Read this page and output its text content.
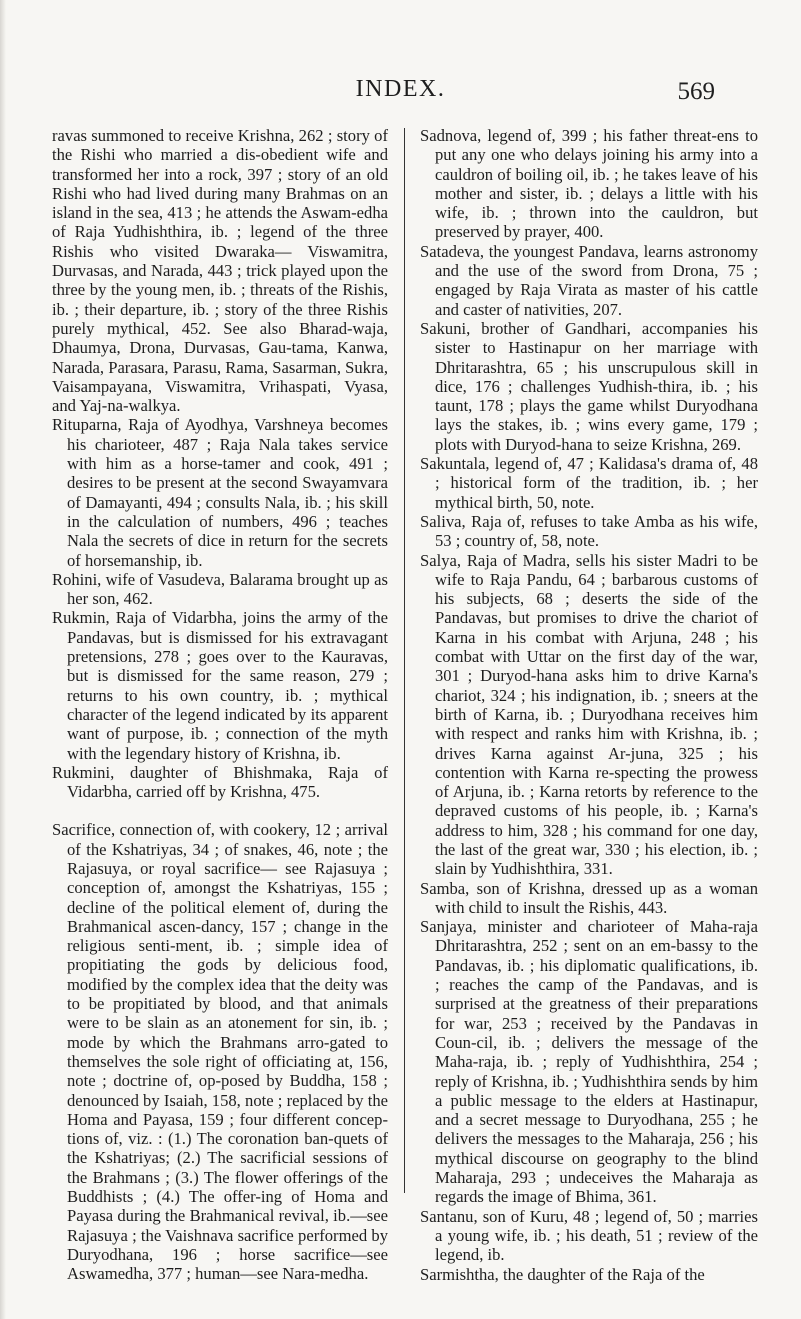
INDEX.	569

ravas summoned to receive Krishna, 262 ; story of the Rishi who married a dis-obedient wife and transformed her into a rock, 397 ; story of an old Rishi who had lived during many Brahmas on an island in the sea, 413 ; he attends the Aswam-edha of Raja Yudhishthira, ib. ; legend of the three Rishis who visited Dwaraka— Viswamitra, Durvasas, and Narada, 443 ; trick played upon the three by the young men, ib. ; threats of the Rishis, ib. ; their departure, ib. ; story of the three Rishis purely mythical, 452. See also Bharad-waja, Dhaumya, Drona, Durvasas, Gau-tama, Kanwa, Narada, Parasara, Parasu, Rama, Sasarman, Sukra, Vaisampayana, Viswamitra, Vrihaspati, Vyasa, and Yaj-na-walkya.

Rituparna, Raja of Ayodhya, Varshneya becomes his charioteer, 487 ; Raja Nala takes service with him as a horse-tamer and cook, 491 ; desires to be present at the second Swayamvara of Damayanti, 494 ; consults Nala, ib. ; his skill in the calculation of numbers, 496 ; teaches Nala the secrets of dice in return for the secrets of horsemanship, ib.

Rohini, wife of Vasudeva, Balarama brought up as her son, 462.

Rukmin, Raja of Vidarbha, joins the army of the Pandavas, but is dismissed for his extravagant pretensions, 278 ; goes over to the Kauravas, but is dismissed for the same reason, 279 ; returns to his own country, ib. ; mythical character of the legend indicated by its apparent want of purpose, ib. ; connection of the myth with the legendary history of Krishna, ib.

Rukmini, daughter of Bhishmaka, Raja of Vidarbha, carried off by Krishna, 475.

Sacrifice, connection of, with cookery, 12 ; arrival of the Kshatriyas, 34 ; of snakes, 46, note ; the Rajasuya, or royal sacrifice— see Rajasuya ; conception of, amongst the Kshatriyas, 155 ; decline of the political element of, during the Brahmanical ascen-dancy, 157 ; change in the religious senti-ment, ib. ; simple idea of propitiating the gods by delicious food, modified by the complex idea that the deity was to be propitiated by blood, and that animals were to be slain as an atonement for sin, ib. ; mode by which the Brahmans arro-gated to themselves the sole right of officiating at, 156, note ; doctrine of, op-posed by Buddha, 158 ; denounced by Isaiah, 158, note ; replaced by the Homa and Payasa, 159 ; four different concep-tions of, viz. : (1.) The coronation ban-quets of the Kshatriyas; (2.) The sacrificial sessions of the Brahmans ; (3.) The flower offerings of the Buddhists ; (4.) The offer-ing of Homa and Payasa during the Brahmanical revival, ib.—see Rajasuya ; the Vaishnava sacrifice performed by Duryodhana, 196 ; horse sacrifice—see Aswamedha, 377 ; human—see Nara-medha.

Sadnova, legend of, 399 ; his father threat-ens to put any one who delays joining his army into a cauldron of boiling oil, ib. ; he takes leave of his mother and sister, ib. ; delays a little with his wife, ib. ; thrown into the cauldron, but preserved by prayer, 400.

Satadeva, the youngest Pandava, learns astronomy and the use of the sword from Drona, 75 ; engaged by Raja Virata as master of his cattle and caster of nativities, 207.

Sakuni, brother of Gandhari, accompanies his sister to Hastinapur on her marriage with Dhritarashtra, 65 ; his unscrupulous skill in dice, 176 ; challenges Yudhish-thira, ib. ; his taunt, 178 ; plays the game whilst Duryodhana lays the stakes, ib. ; wins every game, 179 ; plots with Duryod-hana to seize Krishna, 269.

Sakuntala, legend of, 47 ; Kalidasa's drama of, 48 ; historical form of the tradition, ib. ; her mythical birth, 50, note.

Saliva, Raja of, refuses to take Amba as his wife, 53 ; country of, 58, note.

Salya, Raja of Madra, sells his sister Madri to be wife to Raja Pandu, 64 ; barbarous customs of his subjects, 68 ; deserts the side of the Pandavas, but promises to drive the chariot of Karna in his combat with Arjuna, 248 ; his combat with Uttar on the first day of the war, 301 ; Duryod-hana asks him to drive Karna's chariot, 324 ; his indignation, ib. ; sneers at the birth of Karna, ib. ; Duryodhana receives him with respect and ranks him with Krishna, ib. ; drives Karna against Ar-juna, 325 ; his contention with Karna re-specting the prowess of Arjuna, ib. ; Karna retorts by reference to the depraved customs of his people, ib. ; Karna's address to him, 328 ; his command for one day, the last of the great war, 330 ; his election, ib. ; slain by Yudhishthira, 331.

Samba, son of Krishna, dressed up as a woman with child to insult the Rishis, 443.

Sanjaya, minister and charioteer of Maha-raja Dhritarashtra, 252 ; sent on an em-bassy to the Pandavas, ib. ; his diplomatic qualifications, ib. ; reaches the camp of the Pandavas, and is surprised at the greatness of their preparations for war, 253 ; received by the Pandavas in Coun-cil, ib. ; delivers the message of the Maha-raja, ib. ; reply of Yudhishthira, 254 ; reply of Krishna, ib. ; Yudhishthira sends by him a public message to the elders at Hastinapur, and a secret message to Duryodhana, 255 ; he delivers the messages to the Maharaja, 256 ; his mythical discourse on geography to the blind Maharaja, 293 ; undeceives the Maharaja as regards the image of Bhima, 361.

Santanu, son of Kuru, 48 ; legend of, 50 ; marries a young wife, ib. ; his death, 51 ; review of the legend, ib.

Sarmishtha, the daughter of the Raja of the
